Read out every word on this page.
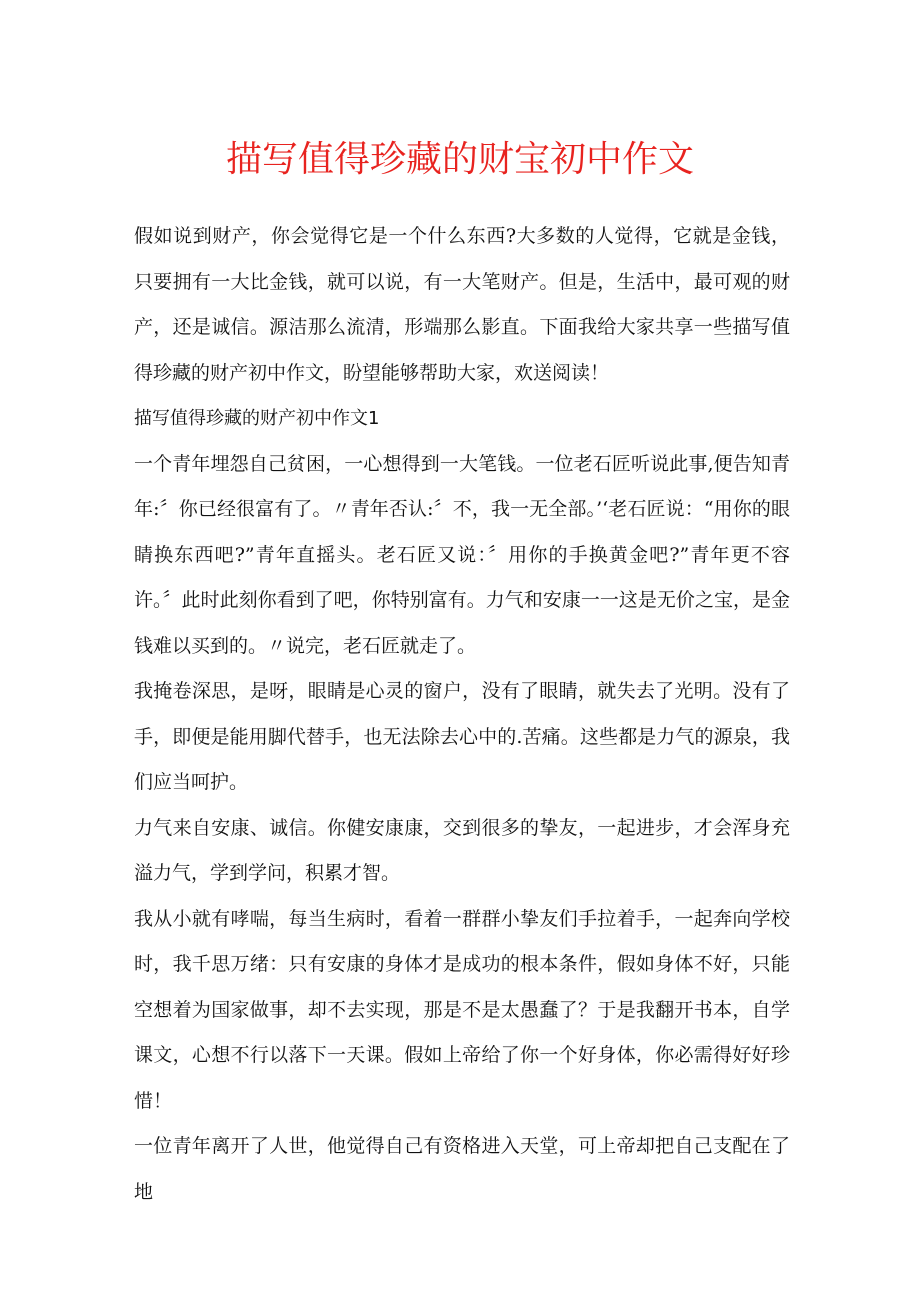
描写值得珍藏的财宝初中作文

假如说到财产，你会觉得它是一个什么东西?大多数的人觉得，它就是金钱，只要拥有一大比金钱，就可以说，有一大笔财产。但是，生活中，最可观的财产，还是诚信。源洁那么流清，形端那么影直。下面我给大家共享一些描写值得珍藏的财产初中作文，盼望能够帮助大家，欢送阅读！

描写值得珍藏的财产初中作文1

一个青年埋怨自己贫困，一心想得到一大笔钱。一位老石匠听说此事,便告知青年:〞你已经很富有了。〃青年否认:〞不，我一无全部。’‘老石匠说：“用你的眼睛换东西吧?”青年直摇头。老石匠又说：〞用你的手换黄金吧?”青年更不容许。〞此时此刻你看到了吧，你特别富有。力气和安康一一这是无价之宝，是金钱难以买到的。〃说完，老石匠就走了。

我掩卷深思，是呀，眼睛是心灵的窗户，没有了眼睛，就失去了光明。没有了手，即便是能用脚代替手，也无法除去心中的.苦痛。这些都是力气的源泉，我们应当呵护。

力气来自安康、诚信。你健安康康，交到很多的挚友，一起进步，才会浑身充溢力气，学到学问，积累才智。

我从小就有哮喘，每当生病时，看着一群群小挚友们手拉着手，一起奔向学校时，我千思万绪：只有安康的身体才是成功的根本条件，假如身体不好，只能空想着为国家做事，却不去实现，那是不是太愚蠢了？于是我翻开书本，自学课文，心想不行以落下一天课。假如上帝给了你一个好身体，你必需得好好珍惜！

一位青年离开了人世，他觉得自己有资格进入天堂，可上帝却把自己支配在了地
